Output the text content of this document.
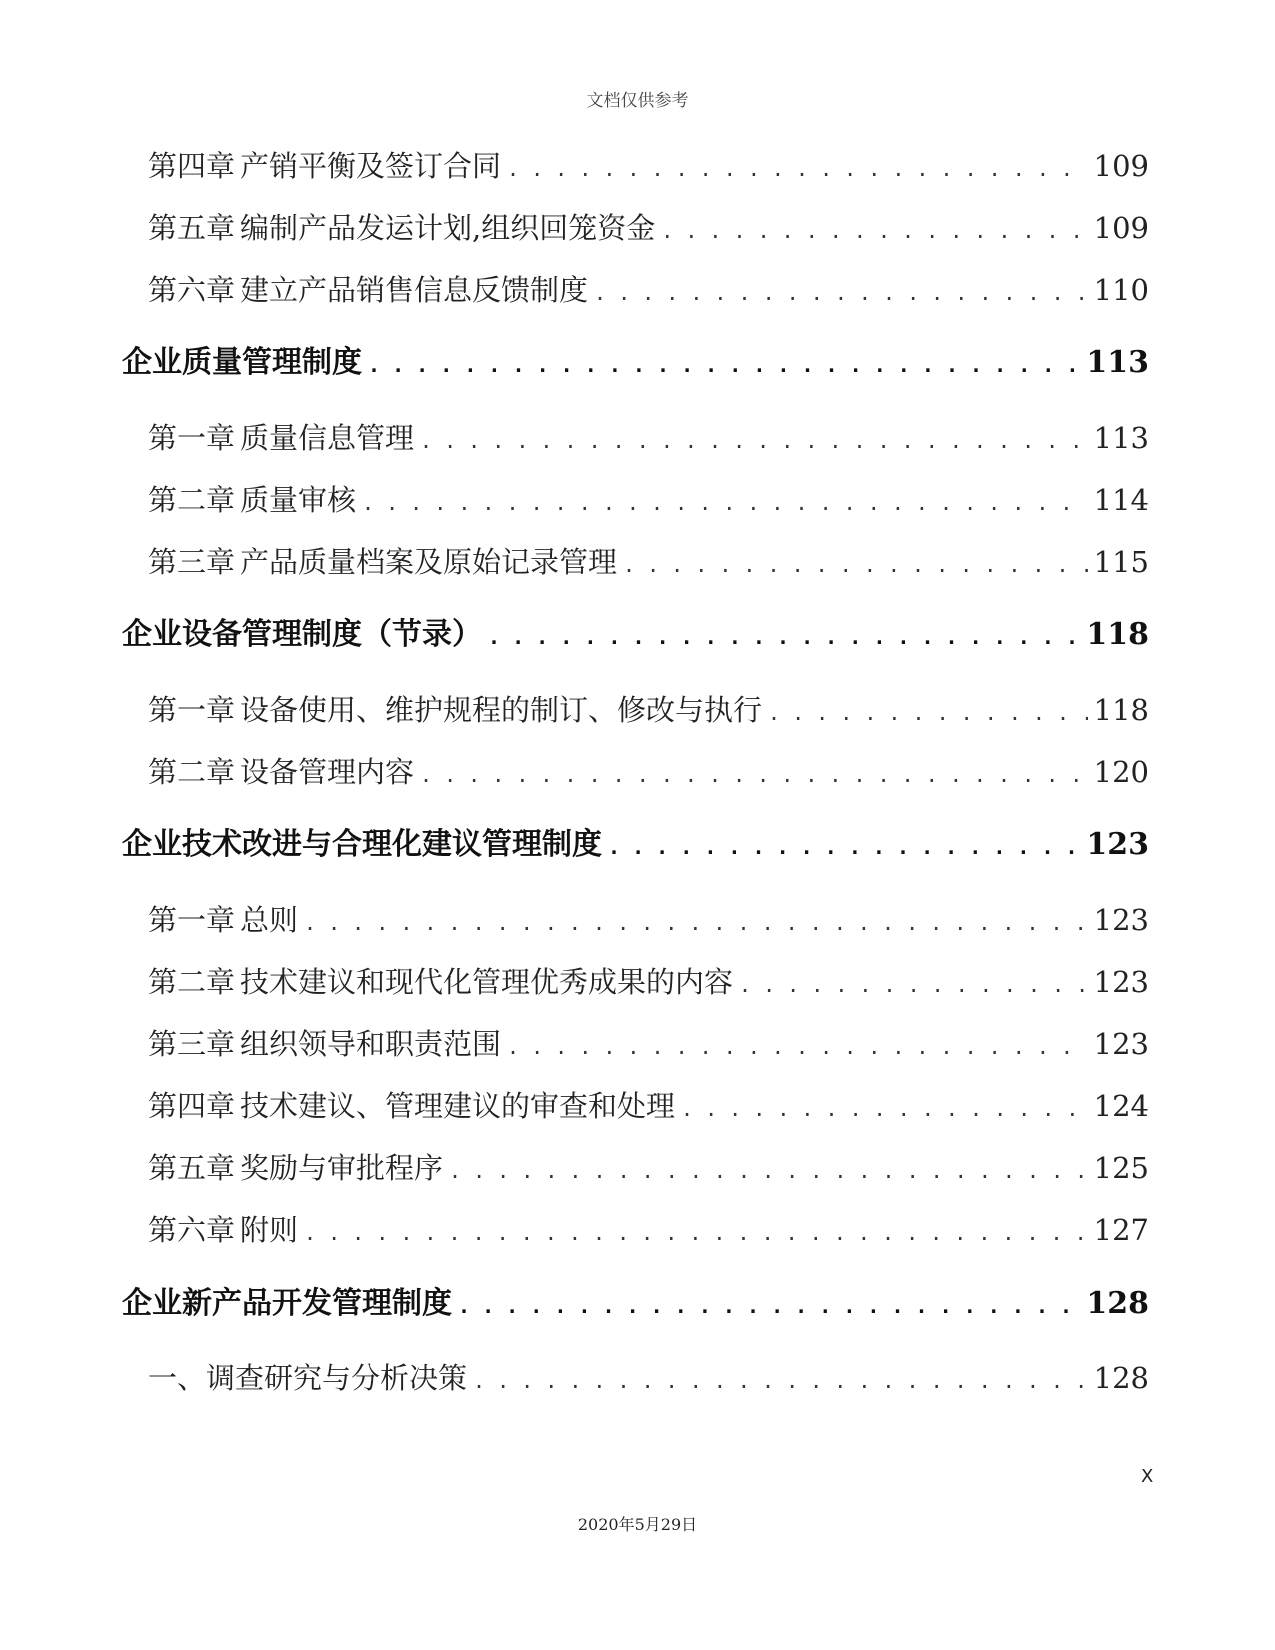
文档仅供参考
第四章 产销平衡及签订合同 . . .	109
第五章 编制产品发运计划,组织回笼资金 . . .	109
第六章 建立产品销售信息反馈制度 . . .	110
企业质量管理制度 . . .	113
第一章 质量信息管理 . . .	113
第二章 质量审核 . . .	114
第三章 产品质量档案及原始记录管理 . . .	115
企业设备管理制度（节录） . . .	118
第一章 设备使用、维护规程的制订、修改与执行 . . .	118
第二章 设备管理内容 . . .	120
企业技术改进与合理化建议管理制度 . . .	123
第一章 总则 . . .	123
第二章 技术建议和现代化管理优秀成果的内容 . . .	123
第三章 组织领导和职责范围 . . .	123
第四章 技术建议、管理建议的审查和处理 . . .	124
第五章 奖励与审批程序 . . .	125
第六章 附则 . . .	127
企业新产品开发管理制度 . . .	128
一、调查研究与分析决策 . . .	128
X
2020年5月29日
